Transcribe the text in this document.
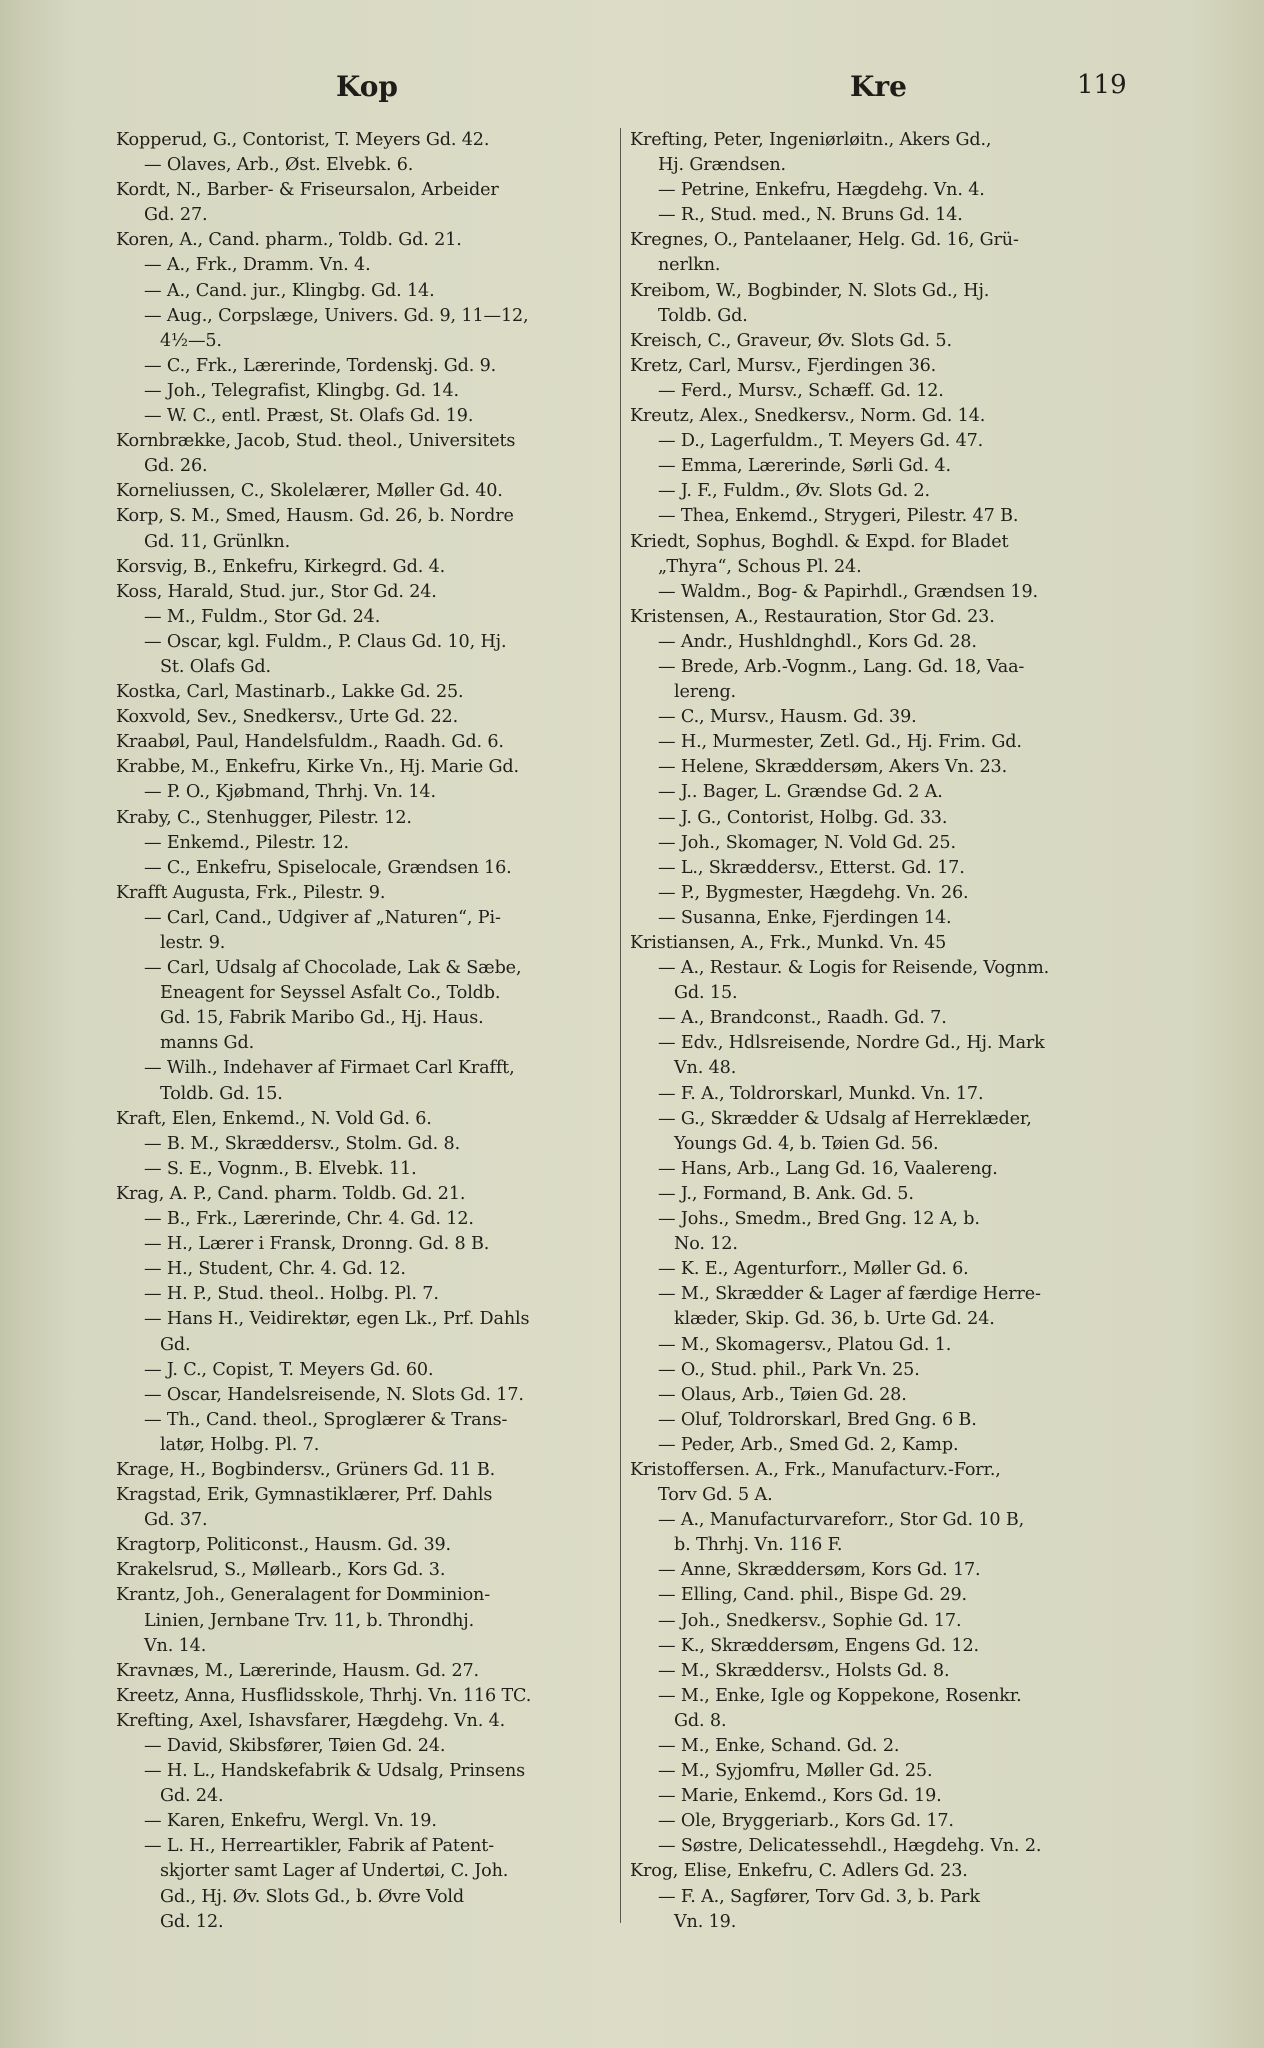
Kop	Kre	119
Kopperud, G., Contorist, T. Meyers Gd. 42.
— Olaves, Arb., Øst. Elvebk. 6.
Kordt, N., Barber- & Friseursalon, Arbeider
Gd. 27.
Koren, A., Cand. pharm., Toldb. Gd. 21.
— A., Frk., Dramm. Vn. 4.
— A., Cand. jur., Klingbg. Gd. 14.
— Aug., Corpslæge, Univers. Gd. 9, 11—12,
4½—5.
— C., Frk., Lærerinde, Tordenskj. Gd. 9.
— Joh., Telegrafist, Klingbg. Gd. 14.
— W. C., entl. Præst, St. Olafs Gd. 19.
Kornbrække, Jacob, Stud. theol., Universitets
Gd. 26.
Korneliussen, C., Skolelærer, Møller Gd. 40.
Korp, S. M., Smed, Hausm. Gd. 26, b. Nordre
Gd. 11, Grünlkn.
Korsvig, B., Enkefru, Kirkegrd. Gd. 4.
Koss, Harald, Stud. jur., Stor Gd. 24.
— M., Fuldm., Stor Gd. 24.
— Oscar, kgl. Fuldm., P. Claus Gd. 10, Hj.
St. Olafs Gd.
Kostka, Carl, Mastinarb., Lakke Gd. 25.
Koxvold, Sev., Snedkersv., Urte Gd. 22.
Kraabøl, Paul, Handelsfuldm., Raadh. Gd. 6.
Krabbe, M., Enkefru, Kirke Vn., Hj. Marie Gd.
— P. O., Kjøbmand, Thrhj. Vn. 14.
Kraby, C., Stenhugger, Pilestr. 12.
— Enkemd., Pilestr. 12.
— C., Enkefru, Spiselocale, Grændsen 16.
Krafft Augusta, Frk., Pilestr. 9.
— Carl, Cand., Udgiver af „Naturen“, Pi-
lestr. 9.
— Carl, Udsalg af Chocolade, Lak & Sæbe,
Eneagent for Seyssel Asfalt Co., Toldb.
Gd. 15, Fabrik Maribo Gd., Hj. Haus.
manns Gd.
— Wilh., Indehaver af Firmaet Carl Krafft,
Toldb. Gd. 15.
Kraft, Elen, Enkemd., N. Vold Gd. 6.
— B. M., Skræddersv., Stolm. Gd. 8.
— S. E., Vognm., B. Elvebk. 11.
Krag, A. P., Cand. pharm. Toldb. Gd. 21.
— B., Frk., Lærerinde, Chr. 4. Gd. 12.
— H., Lærer i Fransk, Dronng. Gd. 8 B.
— H., Student, Chr. 4. Gd. 12.
— H. P., Stud. theol.. Holbg. Pl. 7.
— Hans H., Veidirektør, egen Lk., Prf. Dahls
Gd.
— J. C., Copist, T. Meyers Gd. 60.
— Oscar, Handelsreisende, N. Slots Gd. 17.
— Th., Cand. theol., Sproglærer & Trans-
latør, Holbg. Pl. 7.
Krage, H., Bogbindersv., Grüners Gd. 11 B.
Kragstad, Erik, Gymnastiklærer, Prf. Dahls
Gd. 37.
Kragtorp, Politiconst., Hausm. Gd. 39.
Krakelsrud, S., Møllearb., Kors Gd. 3.
Krantz, Joh., Generalagent for Dомminion-
Linien, Jernbane Trv. 11, b. Throndhj.
Vn. 14.
Kravnæs, M., Lærerinde, Hausm. Gd. 27.
Kreetz, Anna, Husflidsskole, Thrhj. Vn. 116 TC.
Krefting, Axel, Ishavsfarer, Hægdehg. Vn. 4.
— David, Skibsfører, Tøien Gd. 24.
— H. L., Handskefabrik & Udsalg, Prinsens
Gd. 24.
— Karen, Enkefru, Wergl. Vn. 19.
— L. H., Herreartikler, Fabrik af Patent-
skjorter samt Lager af Undertøi, C. Joh.
Gd., Hj. Øv. Slots Gd., b. Øvre Vold
Gd. 12.
Krefting, Peter, Ingeniørløitn., Akers Gd.,
Hj. Grændsen.
— Petrine, Enkefru, Hægdehg. Vn. 4.
— R., Stud. med., N. Bruns Gd. 14.
Kregnes, O., Pantelaaner, Helg. Gd. 16, Grü-
nerlkn.
Kreibom, W., Bogbinder, N. Slots Gd., Hj.
Toldb. Gd.
Kreisch, C., Graveur, Øv. Slots Gd. 5.
Kretz, Carl, Mursv., Fjerdingen 36.
— Ferd., Mursv., Schæff. Gd. 12.
Kreutz, Alex., Snedkersv., Norm. Gd. 14.
— D., Lagerfuldm., T. Meyers Gd. 47.
— Emma, Lærerinde, Sørli Gd. 4.
— J. F., Fuldm., Øv. Slots Gd. 2.
— Thea, Enkemd., Strygeri, Pilestr. 47 B.
Kriedt, Sophus, Boghdl. & Expd. for Bladet
„Thyra“, Schous Pl. 24.
— Waldm., Bog- & Papirhdl., Grændsen 19.
Kristensen, A., Restauration, Stor Gd. 23.
— Andr., Hushldnghdl., Kors Gd. 28.
— Brede, Arb.-Vognm., Lang. Gd. 18, Vaa-
lereng.
— C., Mursv., Hausm. Gd. 39.
— H., Murmester, Zetl. Gd., Hj. Frim. Gd.
— Helene, Skræddersøm, Akers Vn. 23.
— J.. Bager, L. Grændse Gd. 2 A.
— J. G., Contorist, Holbg. Gd. 33.
— Joh., Skomager, N. Vold Gd. 25.
— L., Skræddersv., Etterst. Gd. 17.
— P., Bygmester, Hægdehg. Vn. 26.
— Susanna, Enke, Fjerdingen 14.
Kristiansen, A., Frk., Munkd. Vn. 45
— A., Restaur. & Logis for Reisende, Vognm.
Gd. 15.
— A., Brandconst., Raadh. Gd. 7.
— Edv., Hdlsreisende, Nordre Gd., Hj. Mark
Vn. 48.
— F. A., Toldrorskarl, Munkd. Vn. 17.
— G., Skrædder & Udsalg af Herreklæder,
Youngs Gd. 4, b. Tøien Gd. 56.
— Hans, Arb., Lang Gd. 16, Vaalereng.
— J., Formand, B. Ank. Gd. 5.
— Johs., Smedm., Bred Gng. 12 A, b.
No. 12.
— K. E., Agenturforr., Møller Gd. 6.
— M., Skrædder & Lager af færdige Herre-
klæder, Skip. Gd. 36, b. Urte Gd. 24.
— M., Skomagersv., Platou Gd. 1.
— O., Stud. phil., Park Vn. 25.
— Olaus, Arb., Tøien Gd. 28.
— Oluf, Toldrorskarl, Bred Gng. 6 B.
— Peder, Arb., Smed Gd. 2, Kamp.
Kristoffersen. A., Frk., Manufacturv.-Forr.,
Torv Gd. 5 A.
— A., Manufacturvareforr., Stor Gd. 10 B,
b. Thrhj. Vn. 116 F.
— Anne, Skræddersøm, Kors Gd. 17.
— Elling, Cand. phil., Bispe Gd. 29.
— Joh., Snedkersv., Sophie Gd. 17.
— K., Skræddersøm, Engens Gd. 12.
— M., Skræddersv., Holsts Gd. 8.
— M., Enke, Igle og Koppekone, Rosenkr.
Gd. 8.
— M., Enke, Schand. Gd. 2.
— M., Syjomfru, Møller Gd. 25.
— Marie, Enkemd., Kors Gd. 19.
— Ole, Bryggeriarb., Kors Gd. 17.
— Søstre, Delicatessehdl., Hægdehg. Vn. 2.
Krog, Elise, Enkefru, C. Adlers Gd. 23.
— F. A., Sagfører, Torv Gd. 3, b. Park
Vn. 19.
